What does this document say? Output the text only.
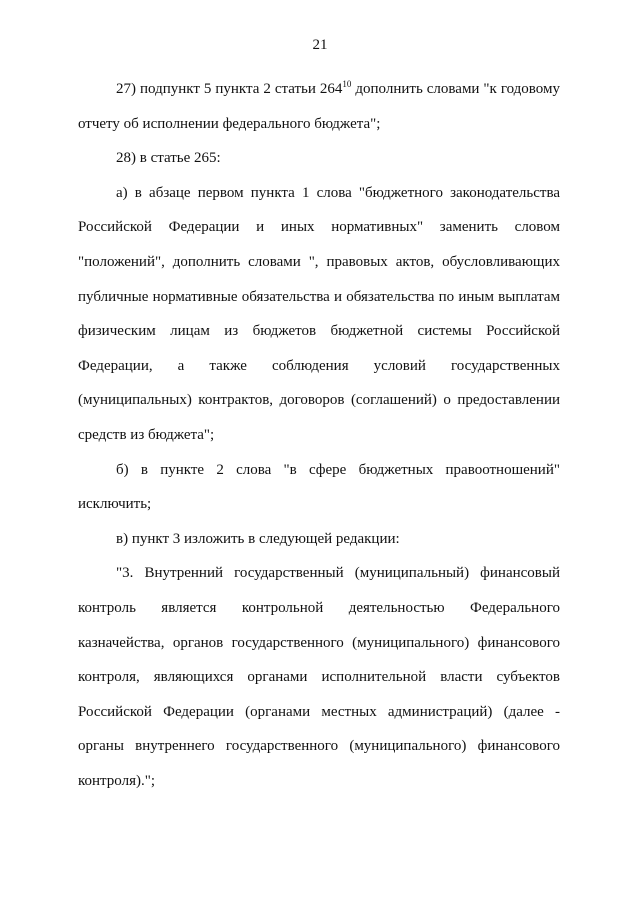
21

27) подпункт 5 пункта 2 статьи $264^{10}$ дополнить словами "к годовому отчету об исполнении федерального бюджета";

28) в статье 265:

а) в абзаце первом пункта 1 слова "бюджетного законодательства Российской Федерации и иных нормативных" заменить словом "положений", дополнить словами ", правовых актов, обусловливающих публичные нормативные обязательства и обязательства по иным выплатам физическим лицам из бюджетов бюджетной системы Российской Федерации, а также соблюдения условий государственных (муниципальных) контрактов, договоров (соглашений) о предоставлении средств из бюджета";

б) в пункте 2 слова "в сфере бюджетных правоотношений" исключить;

в) пункт 3 изложить в следующей редакции:

"3. Внутренний государственный (муниципальный) финансовый контроль является контрольной деятельностью Федерального казначейства, органов государственного (муниципального) финансового контроля, являющихся органами исполнительной власти субъектов Российской Федерации (органами местных администраций) (далее - органы внутреннего государственного (муниципального) финансового контроля).";
